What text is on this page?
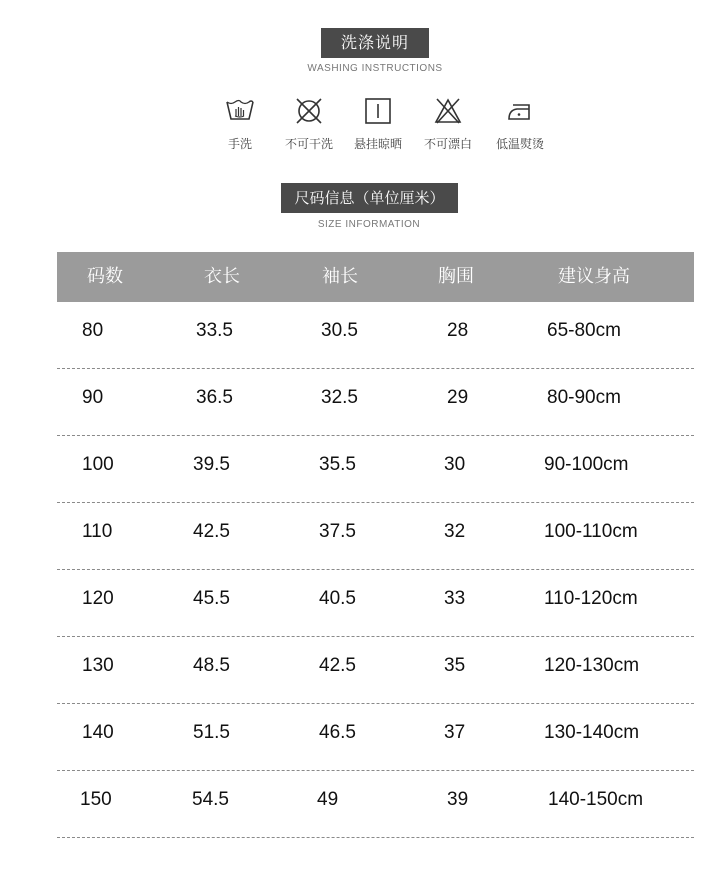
洗涤说明
WASHING INSTRUCTIONS
手洗	不可干洗	悬挂晾晒	不可漂白	低温熨烫
尺码信息（单位厘米）
SIZE INFORMATION
码数	衣长	袖长	胸围	建议身高
80	33.5	30.5	28	65-80cm
90	36.5	32.5	29	80-90cm
100	39.5	35.5	30	90-100cm
110	42.5	37.5	32	100-110cm
120	45.5	40.5	33	110-120cm
130	48.5	42.5	35	120-130cm
140	51.5	46.5	37	130-140cm
150	54.5	49	39	140-150cm
